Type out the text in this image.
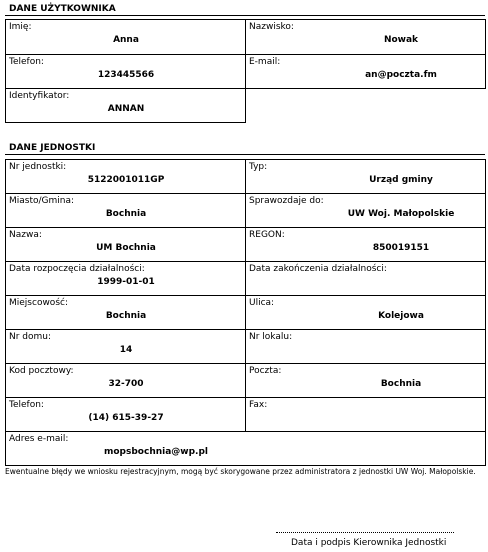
DANE UŻYTKOWNIKA
Imię:
Anna	Nazwisko:
Nowak

Telefon:
123445566	E-mail:
an@poczta.fm

Identyfikator:
ANNAN	

DANE JEDNOSTKI
Nr jednostki:
5122001011GP	Typ:
Urząd gminy

Miasto/Gmina:
Bochnia	Sprawozdaje do:
UW Woj. Małopolskie

Nazwa:
UM Bochnia	REGON:
850019151

Data rozpoczęcia działalności:
1999-01-01	Data zakończenia działalności:

Miejscowość:
Bochnia	Ulica:
Kolejowa

Nr domu:
14	Nr lokalu:

Kod pocztowy:
32-700	Poczta:
Bochnia

Telefon:
(14) 615-39-27	Fax:

Adres e-mail:
mopsbochnia@wp.pl	
Ewentualne błędy we wniosku rejestracyjnym, mogą być skorygowane przez administratora z jednostki UW Woj. Małopolskie.
Data i podpis Kierownika Jednostki
